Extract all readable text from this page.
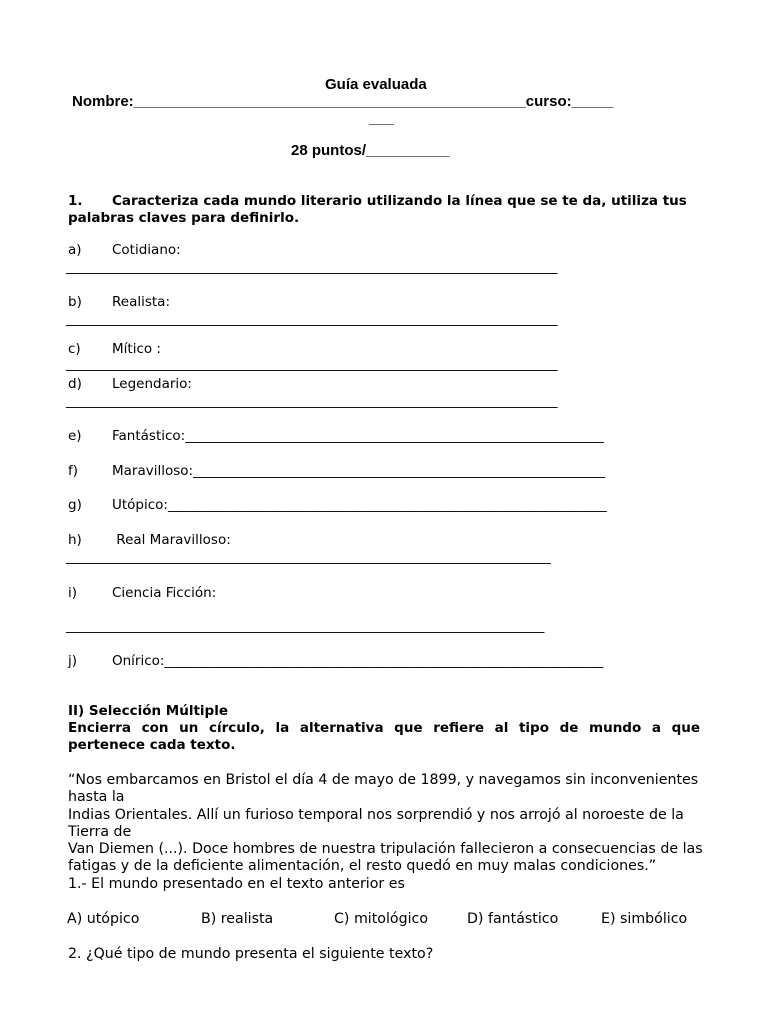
Guía evaluada
Nombre:_______________________________________________curso:_____
___
28 puntos/__________
1. Caracteriza cada mundo literario utilizando la línea que se te da, utiliza tus
palabras claves para definirlo.
a) Cotidiano:
___________________________________________________________________________
b) Realista:
___________________________________________________________________________
c) Mítico :
___________________________________________________________________________
d) Legendario:
___________________________________________________________________________
e) Fantástico:______________________________________________________________
f)	Maravilloso:_____________________________________________________________
g) Utópico:_________________________________________________________________
h) Real Maravilloso:
__________________________________________________________________________
i)	Ciencia Ficción:
_________________________________________________________________________
j)	Onírico:_________________________________________________________________
II) Selección Múltiple
Encierra con un círculo, la alternativa que refiere al tipo de mundo a que pertenece cada texto.
“Nos embarcamos en Bristol el día 4 de mayo de 1899, y navegamos sin inconvenientes
hasta la
Indias Orientales. Allí un furioso temporal nos sorprendió y nos arrojó al noroeste de la
Tierra de
Van Diemen (...). Doce hombres de nuestra tripulación fallecieron a consecuencias de las
fatigas y de la deficiente alimentación, el resto quedó en muy malas condiciones.”
1.- El mundo presentado en el texto anterior es
A) utópico	B) realista	C) mitológico	D) fantástico	E) simbólico
2. ¿Qué tipo de mundo presenta el siguiente texto?
